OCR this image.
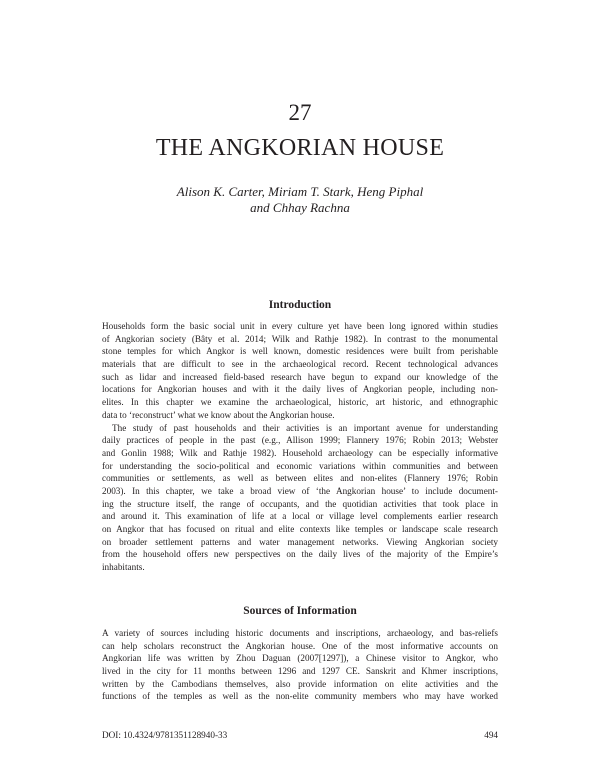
27
THE ANGKORIAN HOUSE
Alison K. Carter, Miriam T. Stark, Heng Piphal
and Chhay Rachna
Introduction
Households form the basic social unit in every culture yet have been long ignored within studies
of Angkorian society (Bâty et al. 2014; Wilk and Rathje 1982). In contrast to the monumental
stone temples for which Angkor is well known, domestic residences were built from perishable
materials that are difficult to see in the archaeological record. Recent technological advances
such as lidar and increased field-based research have begun to expand our knowledge of the
locations for Angkorian houses and with it the daily lives of Angkorian people, including non-
elites. In this chapter we examine the archaeological, historic, art historic, and ethnographic
data to ‘reconstruct’ what we know about the Angkorian house.
The study of past households and their activities is an important avenue for understanding
daily practices of people in the past (e.g., Allison 1999; Flannery 1976; Robin 2013; Webster
and Gonlin 1988; Wilk and Rathje 1982). Household archaeology can be especially informative
for understanding the socio-political and economic variations within communities and between
communities or settlements, as well as between elites and non-elites (Flannery 1976; Robin
2003). In this chapter, we take a broad view of ‘the Angkorian house’ to include document-
ing the structure itself, the range of occupants, and the quotidian activities that took place in
and around it. This examination of life at a local or village level complements earlier research
on Angkor that has focused on ritual and elite contexts like temples or landscape scale research
on broader settlement patterns and water management networks. Viewing Angkorian society
from the household offers new perspectives on the daily lives of the majority of the Empire’s
inhabitants.
Sources of Information
A variety of sources including historic documents and inscriptions, archaeology, and bas-reliefs
can help scholars reconstruct the Angkorian house. One of the most informative accounts on
Angkorian life was written by Zhou Daguan (2007[1297]), a Chinese visitor to Angkor, who
lived in the city for 11 months between 1296 and 1297 CE. Sanskrit and Khmer inscriptions,
written by the Cambodians themselves, also provide information on elite activities and the
functions of the temples as well as the non-elite community members who may have worked
DOI: 10.4324/9781351128940-33	494
